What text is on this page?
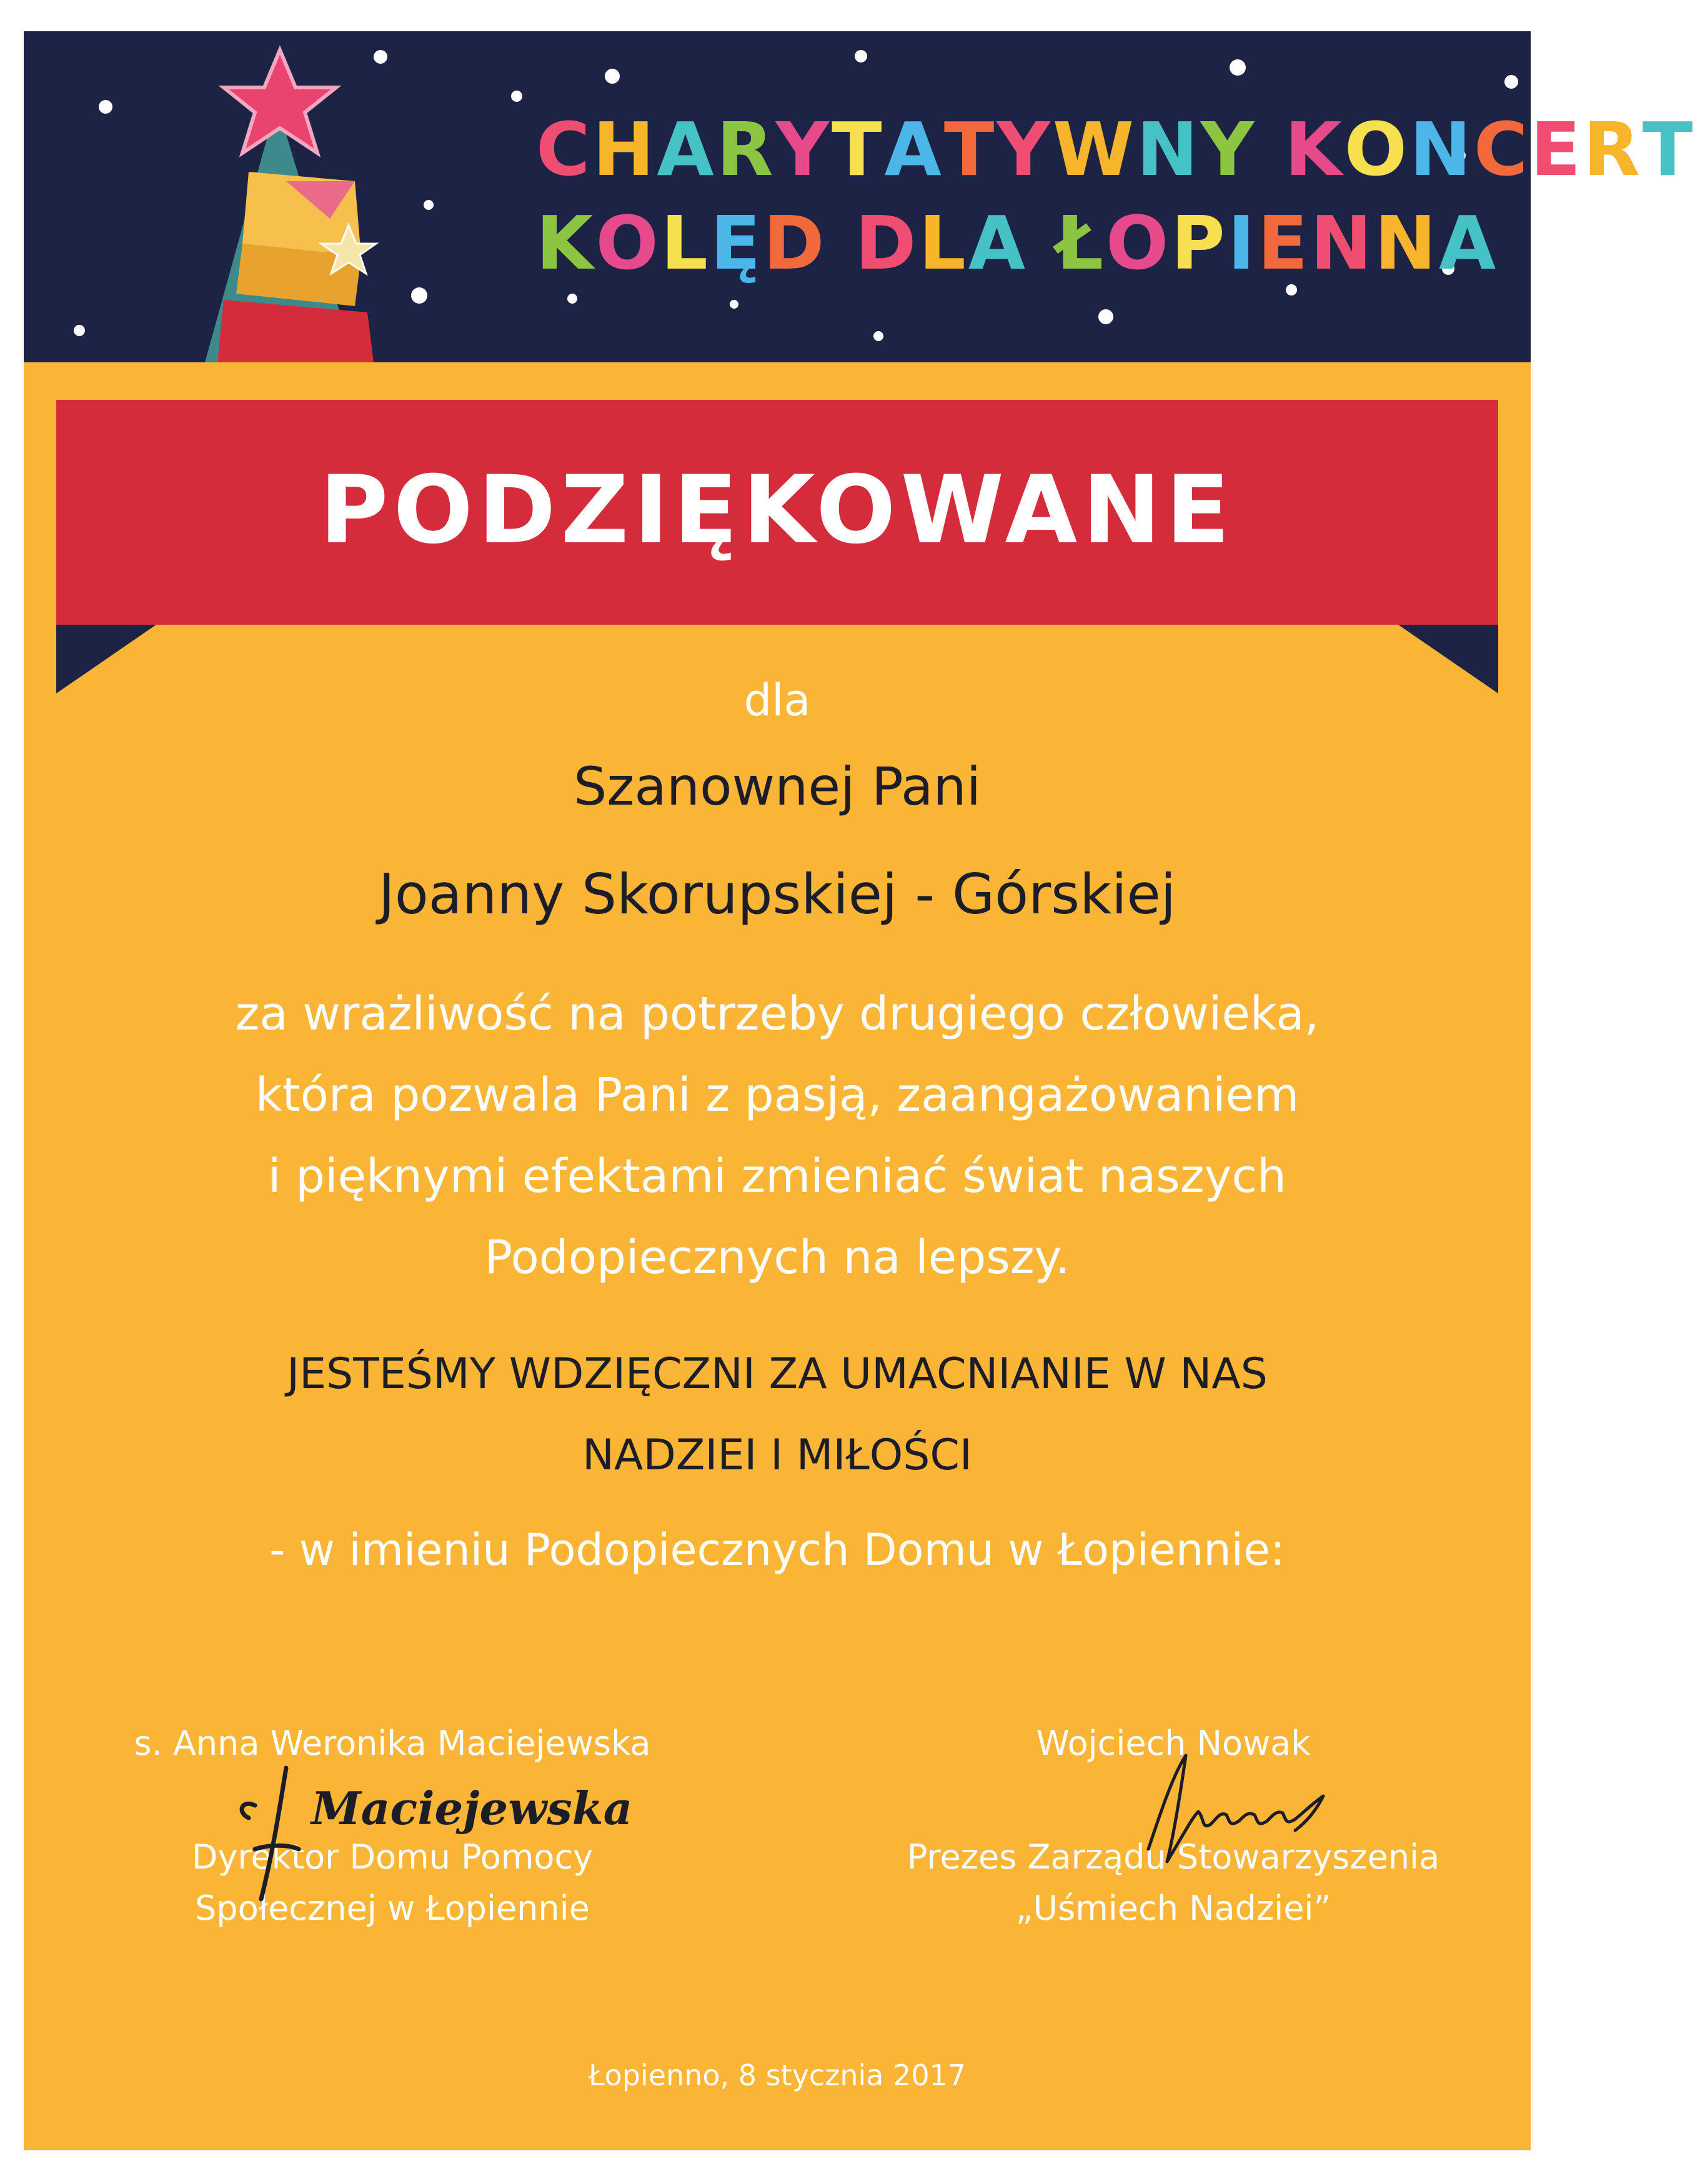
CHARYTATYWNY KONCERT
KOLĘD DLA ŁOPIENNA
PODZIĘKOWANE
dla
Szanownej Pani
Joanny Skorupskiej - Górskiej
za wrażliwość na potrzeby drugiego człowieka,
która pozwala Pani z pasją, zaangażowaniem
i pięknymi efektami zmieniać świat naszych
Podopiecznych na lepszy.
JESTEŚMY WDZIĘCZNI ZA UMACNIANIE W NAS
NADZIEI I MIŁOŚCI
- w imieniu Podopiecznych Domu w Łopiennie:
s. Anna Weronika Maciejewska
Dyrektor Domu Pomocy
Społecznej w Łopiennie
Maciejewska
Wojciech Nowak
Prezes Zarządu Stowarzyszenia
„Uśmiech Nadziei”
Łopienno, 8 stycznia 2017
